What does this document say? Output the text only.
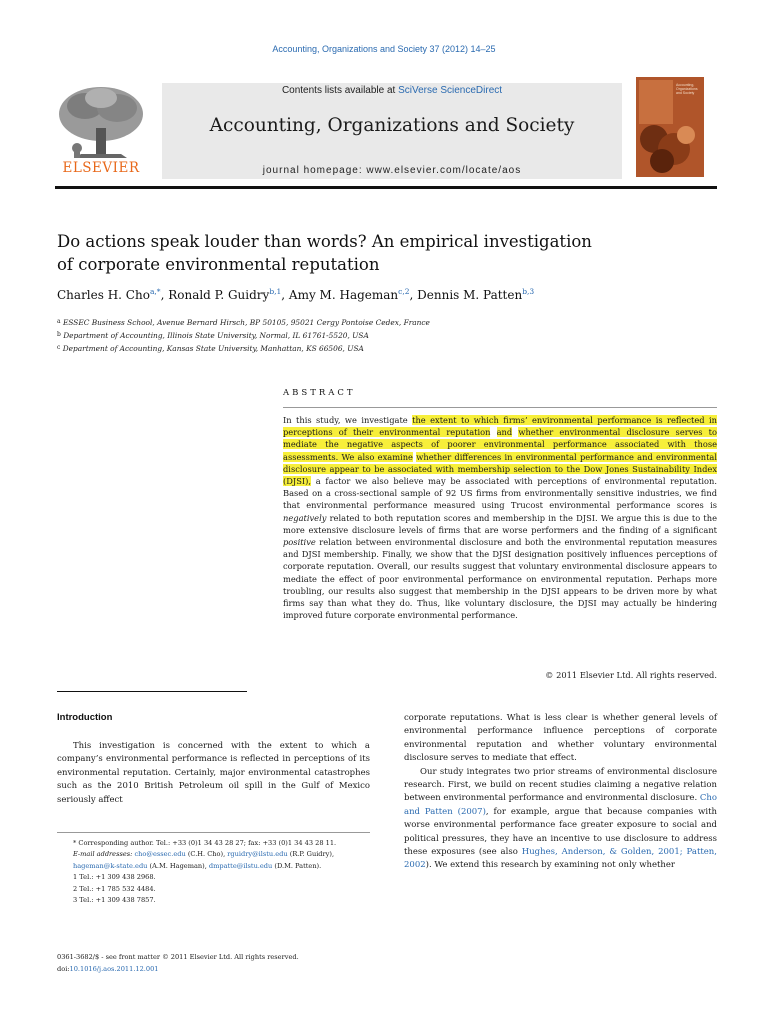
Accounting, Organizations and Society 37 (2012) 14–25
ELSEVIER
Contents lists available at SciVerse ScienceDirect
Accounting, Organizations and Society
journal homepage: www.elsevier.com/locate/aos
Accounting, Organizations and Society
Do actions speak louder than words? An empirical investigation
of corporate environmental reputation
Charles H. Cho$^{a,*}$, Ronald P. Guidry$^{b,1}$, Amy M. Hageman$^{c,2}$, Dennis M. Patten$^{b,3}$
$^a$ ESSEC Business School, Avenue Bernard Hirsch, BP 50105, 95021 Cergy Pontoise Cedex, France
$^b$ Department of Accounting, Illinois State University, Normal, IL 61761-5520, USA
$^c$ Department of Accounting, Kansas State University, Manhattan, KS 66506, USA
ABSTRACT
In this study, we investigate the extent to which firms’ environmental performance is reflected in perceptions of their environmental reputation and whether environmental disclosure serves to mediate the negative aspects of poorer environmental performance associated with those assessments. We also examine whether differences in environmental performance and environmental disclosure appear to be associated with membership selection to the Dow Jones Sustainability Index (DJSI), a factor we also believe may be associated with perceptions of environmental reputation. Based on a cross-sectional sample of 92 US firms from environmentally sensitive industries, we find that environmental performance measured using Trucost environmental performance scores is negatively related to both reputation scores and membership in the DJSI. We argue this is due to the more extensive disclosure levels of firms that are worse performers and the finding of a significant positive relation between environmental disclosure and both the environmental reputation measures and DJSI membership. Finally, we show that the DJSI designation positively influences perceptions of corporate reputation. Overall, our results suggest that voluntary environmental disclosure appears to mediate the effect of poor environmental performance on environmental reputation. Perhaps more troubling, our results also suggest that membership in the DJSI appears to be driven more by what firms say than what they do. Thus, like voluntary disclosure, the DJSI may actually be hindering improved future corporate environmental performance.
© 2011 Elsevier Ltd. All rights reserved.
Introduction
This investigation is concerned with the extent to which a company’s environmental performance is reflected in perceptions of its environmental reputation. Certainly, major environmental catastrophes such as the 2010 British Petroleum oil spill in the Gulf of Mexico seriously affect
* Corresponding author. Tel.: +33 (0)1 34 43 28 27; fax: +33 (0)1 34 43 28 11.
E-mail addresses: cho@essec.edu (C.H. Cho), rguidry@ilstu.edu (R.P. Guidry), hageman@k-state.edu (A.M. Hageman), dmpatte@ilstu.edu (D.M. Patten).
1 Tel.: +1 309 438 2968.
2 Tel.: +1 785 532 4484.
3 Tel.: +1 309 438 7857.
0361-3682/$ - see front matter © 2011 Elsevier Ltd. All rights reserved.
doi:10.1016/j.aos.2011.12.001

corporate reputations. What is less clear is whether general levels of environmental performance influence perceptions of corporate environmental reputation and whether voluntary environmental disclosure serves to mediate that effect.

Our study integrates two prior streams of environmental disclosure research. First, we build on recent studies claiming a negative relation between environmental performance and environmental disclosure. Cho and Patten (2007), for example, argue that because companies with worse environmental performance face greater exposure to social and political pressures, they have an incentive to use disclosure to address these exposures (see also Hughes, Anderson, & Golden, 2001; Patten, 2002). We extend this research by examining not only whether
